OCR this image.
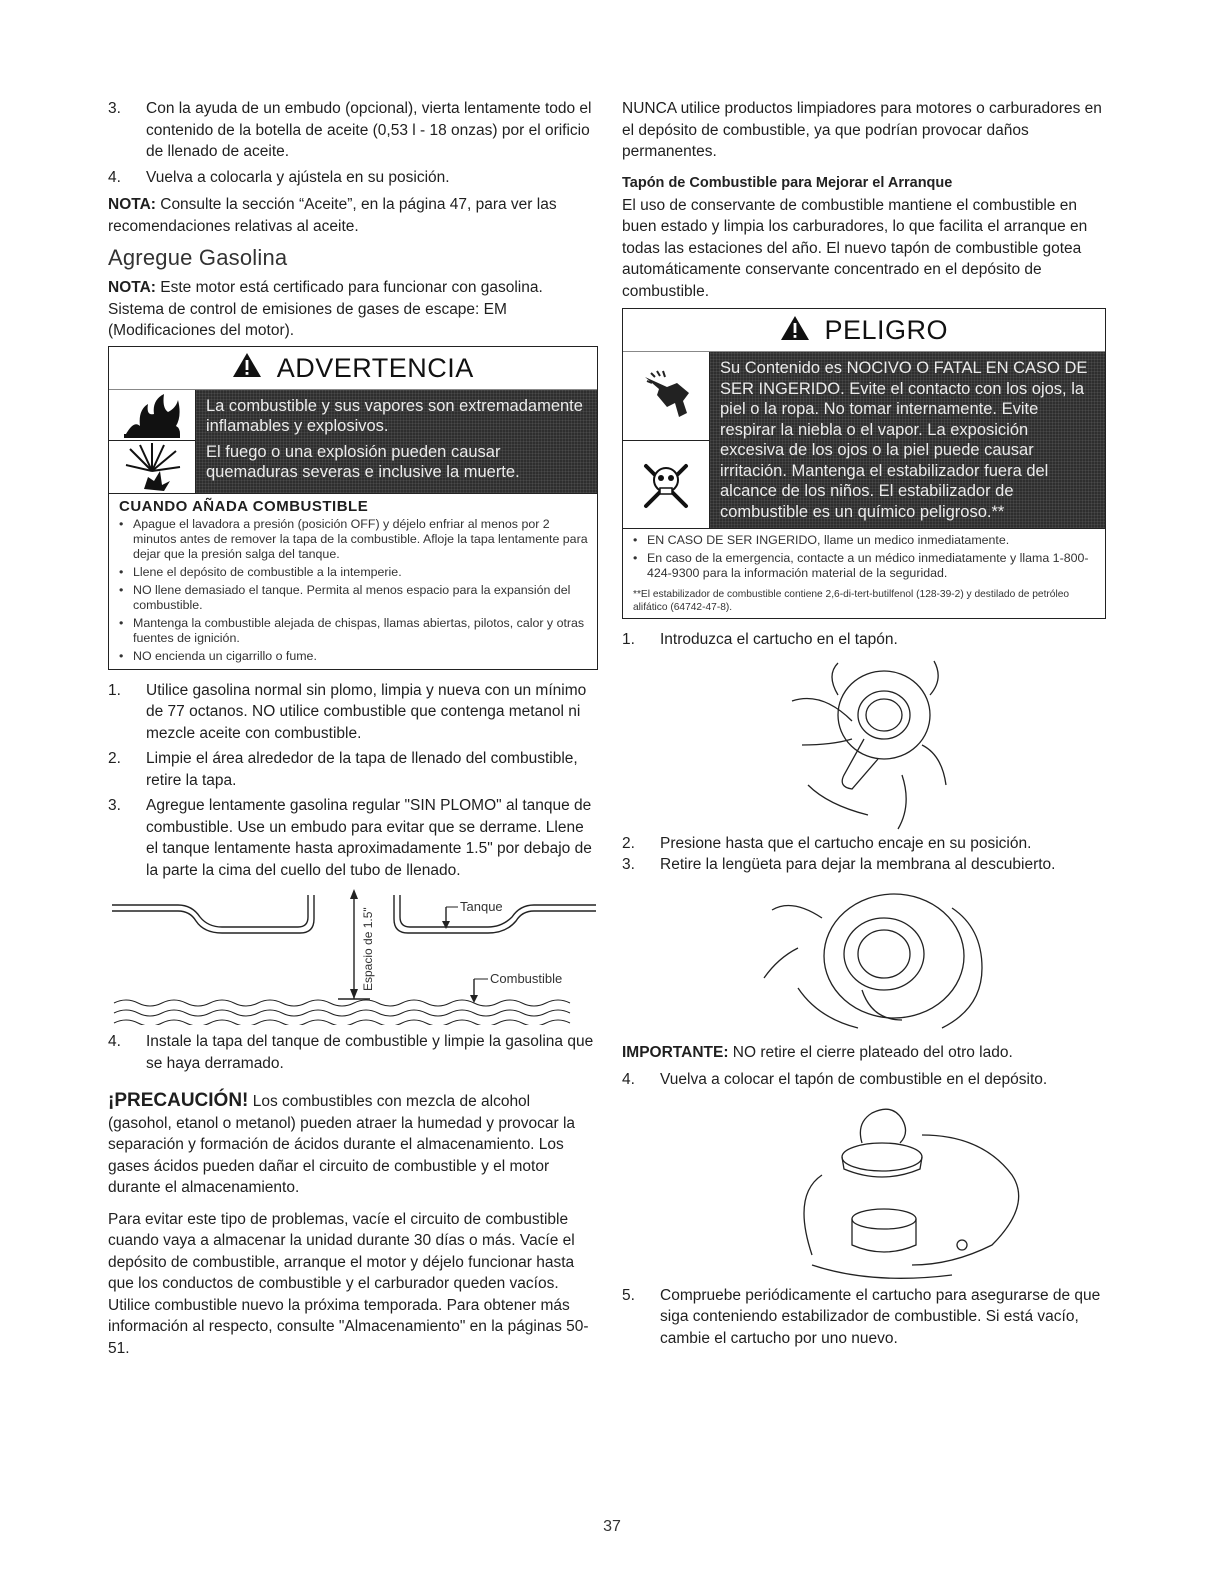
3. Con la ayuda de un embudo (opcional), vierta lentamente todo el contenido de la botella de aceite (0,53 l - 18 onzas) por el orificio de llenado de aceite.
4. Vuelva a colocarla y ajústela en su posición.

NOTA: Consulte la sección “Aceite”, en la página 47, para ver las recomendaciones relativas al aceite.

Agregue Gasolina

NOTA: Este motor está certificado para funcionar con gasolina. Sistema de control de emisiones de gases de escape: EM (Modificaciones del motor).

ADVERTENCIA

La combustible y sus vapores son extremadamente inflamables y explosivos.

El fuego o una explosión pueden causar quemaduras severas e inclusive la muerte.

CUANDO AÑADA COMBUSTIBLE
• Apague el lavadora a presión (posición OFF) y déjelo enfriar al menos por 2 minutos antes de remover la tapa de la combustible. Afloje la tapa lentamente para dejar que la presión salga del tanque.
• Llene el depósito de combustible a la intemperie.
• NO llene demasiado el tanque. Permita al menos espacio para la expansión del combustible.
• Mantenga la combustible alejada de chispas, llamas abiertas, pilotos, calor y otras fuentes de ignición.
• NO encienda un cigarrillo o fume.
1. Utilice gasolina normal sin plomo, limpia y nueva con un mínimo de 77 octanos. NO utilice combustible que contenga metanol ni mezcle aceite con combustible.
2. Limpie el área alrededor de la tapa de llenado del combustible, retire la tapa.
3. Agregue lentamente gasolina regular "SIN PLOMO" al tanque de combustible. Use un embudo para evitar que se derrame. Llene el tanque lentamente hasta aproximadamente 1.5" por debajo de la parte la cima del cuello del tubo de llenado.
Tanque
Combustible
Espacio de 1.5"
4. Instale la tapa del tanque de combustible y limpie la gasolina que se haya derramado.

¡PRECAUCIÓN! Los combustibles con mezcla de alcohol (gasohol, etanol o metanol) pueden atraer la humedad y provocar la separación y formación de ácidos durante el almacenamiento. Los gases ácidos pueden dañar el circuito de combustible y el motor durante el almacenamiento.

Para evitar este tipo de problemas, vacíe el circuito de combustible cuando vaya a almacenar la unidad durante 30 días o más. Vacíe el depósito de combustible, arranque el motor y déjelo funcionar hasta que los conductos de combustible y el carburador queden vacíos. Utilice combustible nuevo la próxima temporada. Para obtener más información al respecto, consulte "Almacenamiento" en la páginas 50-51.

NUNCA utilice productos limpiadores para motores o carburadores en el depósito de combustible, ya que podrían provocar daños permanentes.

Tapón de Combustible para Mejorar el Arranque

El uso de conservante de combustible mantiene el combustible en buen estado y limpia los carburadores, lo que facilita el arranque en todas las estaciones del año. El nuevo tapón de combustible gotea automáticamente conservante concentrado en el depósito de combustible.

PELIGRO

Su Contenido es NOCIVO O FATAL EN CASO DE SER INGERIDO. Evite el contacto con los ojos, la piel o la ropa. No tomar internamente. Evite respirar la niebla o el vapor. La exposición excesiva de los ojos o la piel puede causar irritación. Mantenga el estabilizador fuera del alcance de los niños. El estabilizador de combustible es un químico peligroso.**

• EN CASO DE SER INGERIDO, llame un medico inmediatamente.
• En caso de la emergencia, contacte a un médico inmediatamente y llama 1-800-424-9300 para la información material de la seguridad.
**El estabilizador de combustible contiene 2,6-di-tert-butilfenol (128-39-2) y destilado de petróleo alifático (64742-47-8).
1. Introduzca el cartucho en el tapón.
2. Presione hasta que el cartucho encaje en su posición.
3. Retire la lengüeta para dejar la membrana al descubierto.

IMPORTANTE: NO retire el cierre plateado del otro lado.

4. Vuelva a colocar el tapón de combustible en el depósito.
5. Compruebe periódicamente el cartucho para asegurarse de que siga conteniendo estabilizador de combustible. Si está vacío, cambie el cartucho por uno nuevo.
37
